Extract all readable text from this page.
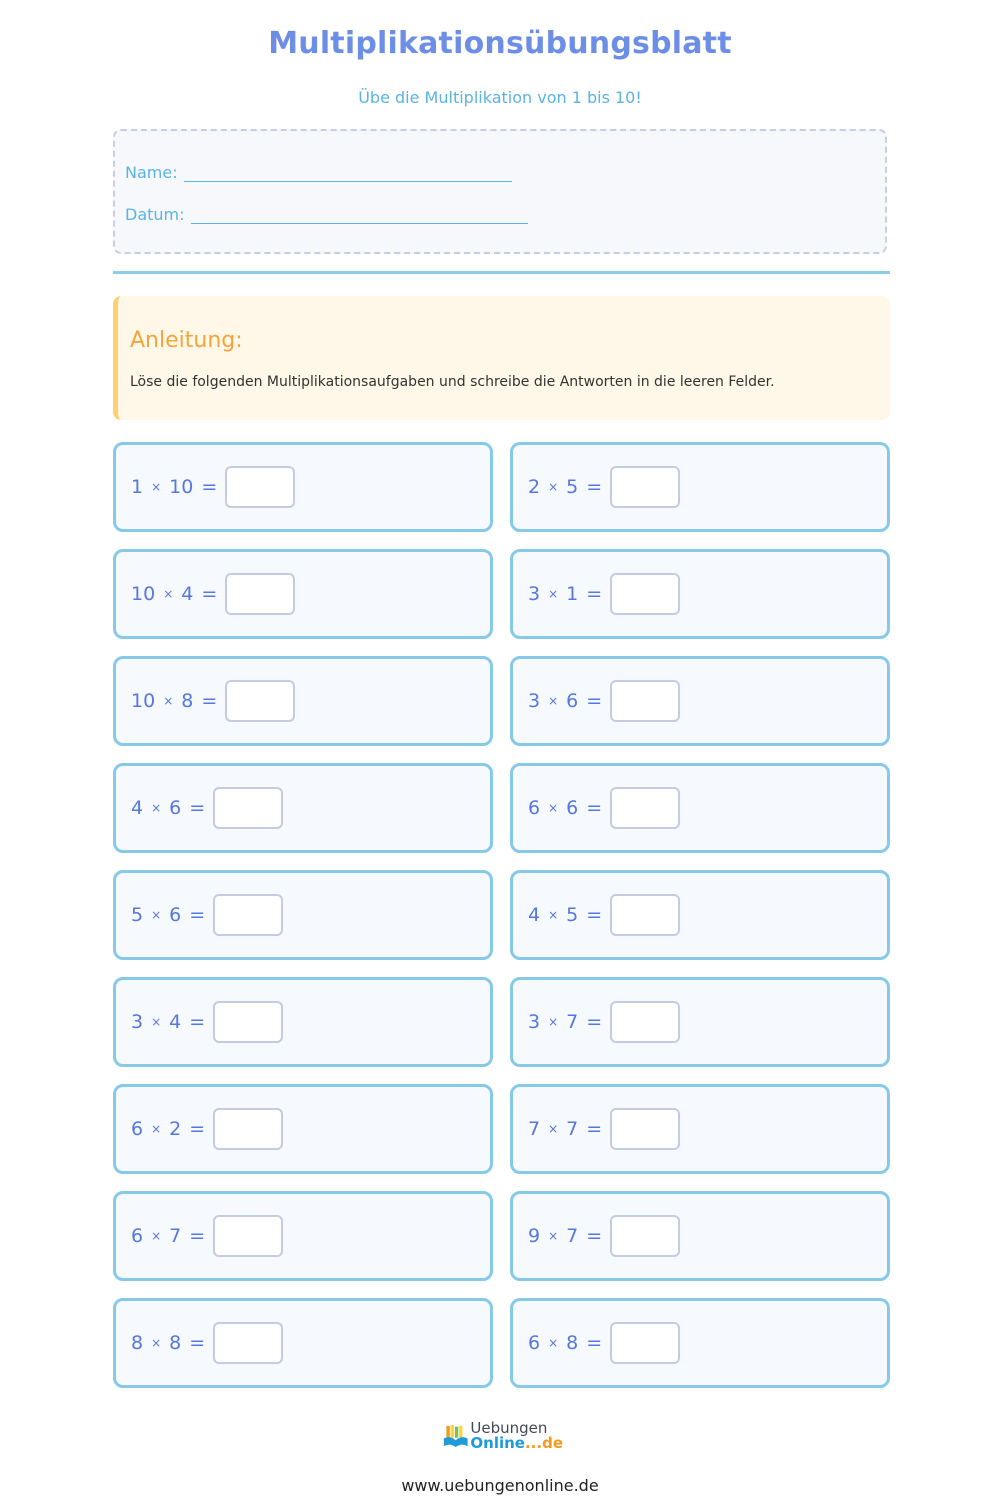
Multiplikationsübungsblatt
Übe die Multiplikation von 1 bis 10!
Name:
Datum:
Anleitung:
Löse die folgenden Multiplikationsaufgaben und schreibe die Antworten in die leeren Felder.
1 × 10 =	2 × 5 =
10 × 4 =	3 × 1 =
10 × 8 =	3 × 6 =
4 × 6 =	6 × 6 =
5 × 6 =	4 × 5 =
3 × 4 =	3 × 7 =
6 × 2 =	7 × 7 =
6 × 7 =	9 × 7 =
8 × 8 =	6 × 8 =
Uebungen
Online...de
www.uebungenonline.de
